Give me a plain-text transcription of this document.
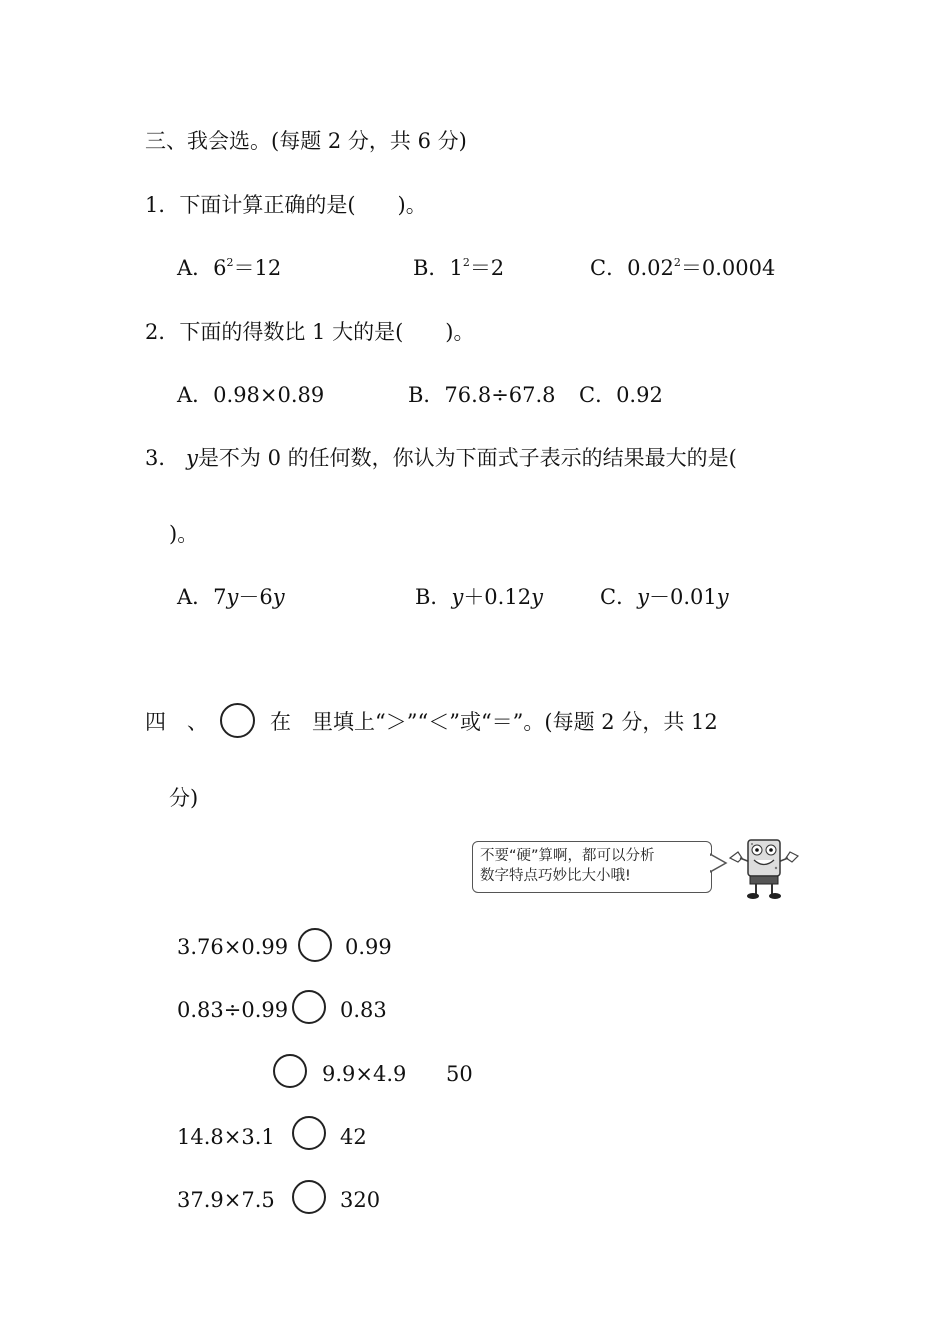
三、我会选。(每题 2 分，共 6 分)
1．下面计算正确的是(　　)。
A．$6^2=12$	B．$1^2=2$	C．$0.02^2=0.0004$
2．下面的得数比 1 大的是(　　)。
A．0.98×0.89	B．76.8÷67.8 C．0.92
3． y是不为 0 的任何数，你认为下面式子表示的结果最大的是(
)。
A．7y－6y	B．y＋0.12y	C．y－0.01y
四　、	在　里填上“＞”“＜”或“＝”。(每题 2 分，共 12
分)
不要“硬”算啊，都可以分析
数字特点巧妙比大小哦!
3.76×0.99	0.99
0.83÷0.99 0.83
9.9×4.9 50
14.8×3.1	42
37.9×7.5	320
